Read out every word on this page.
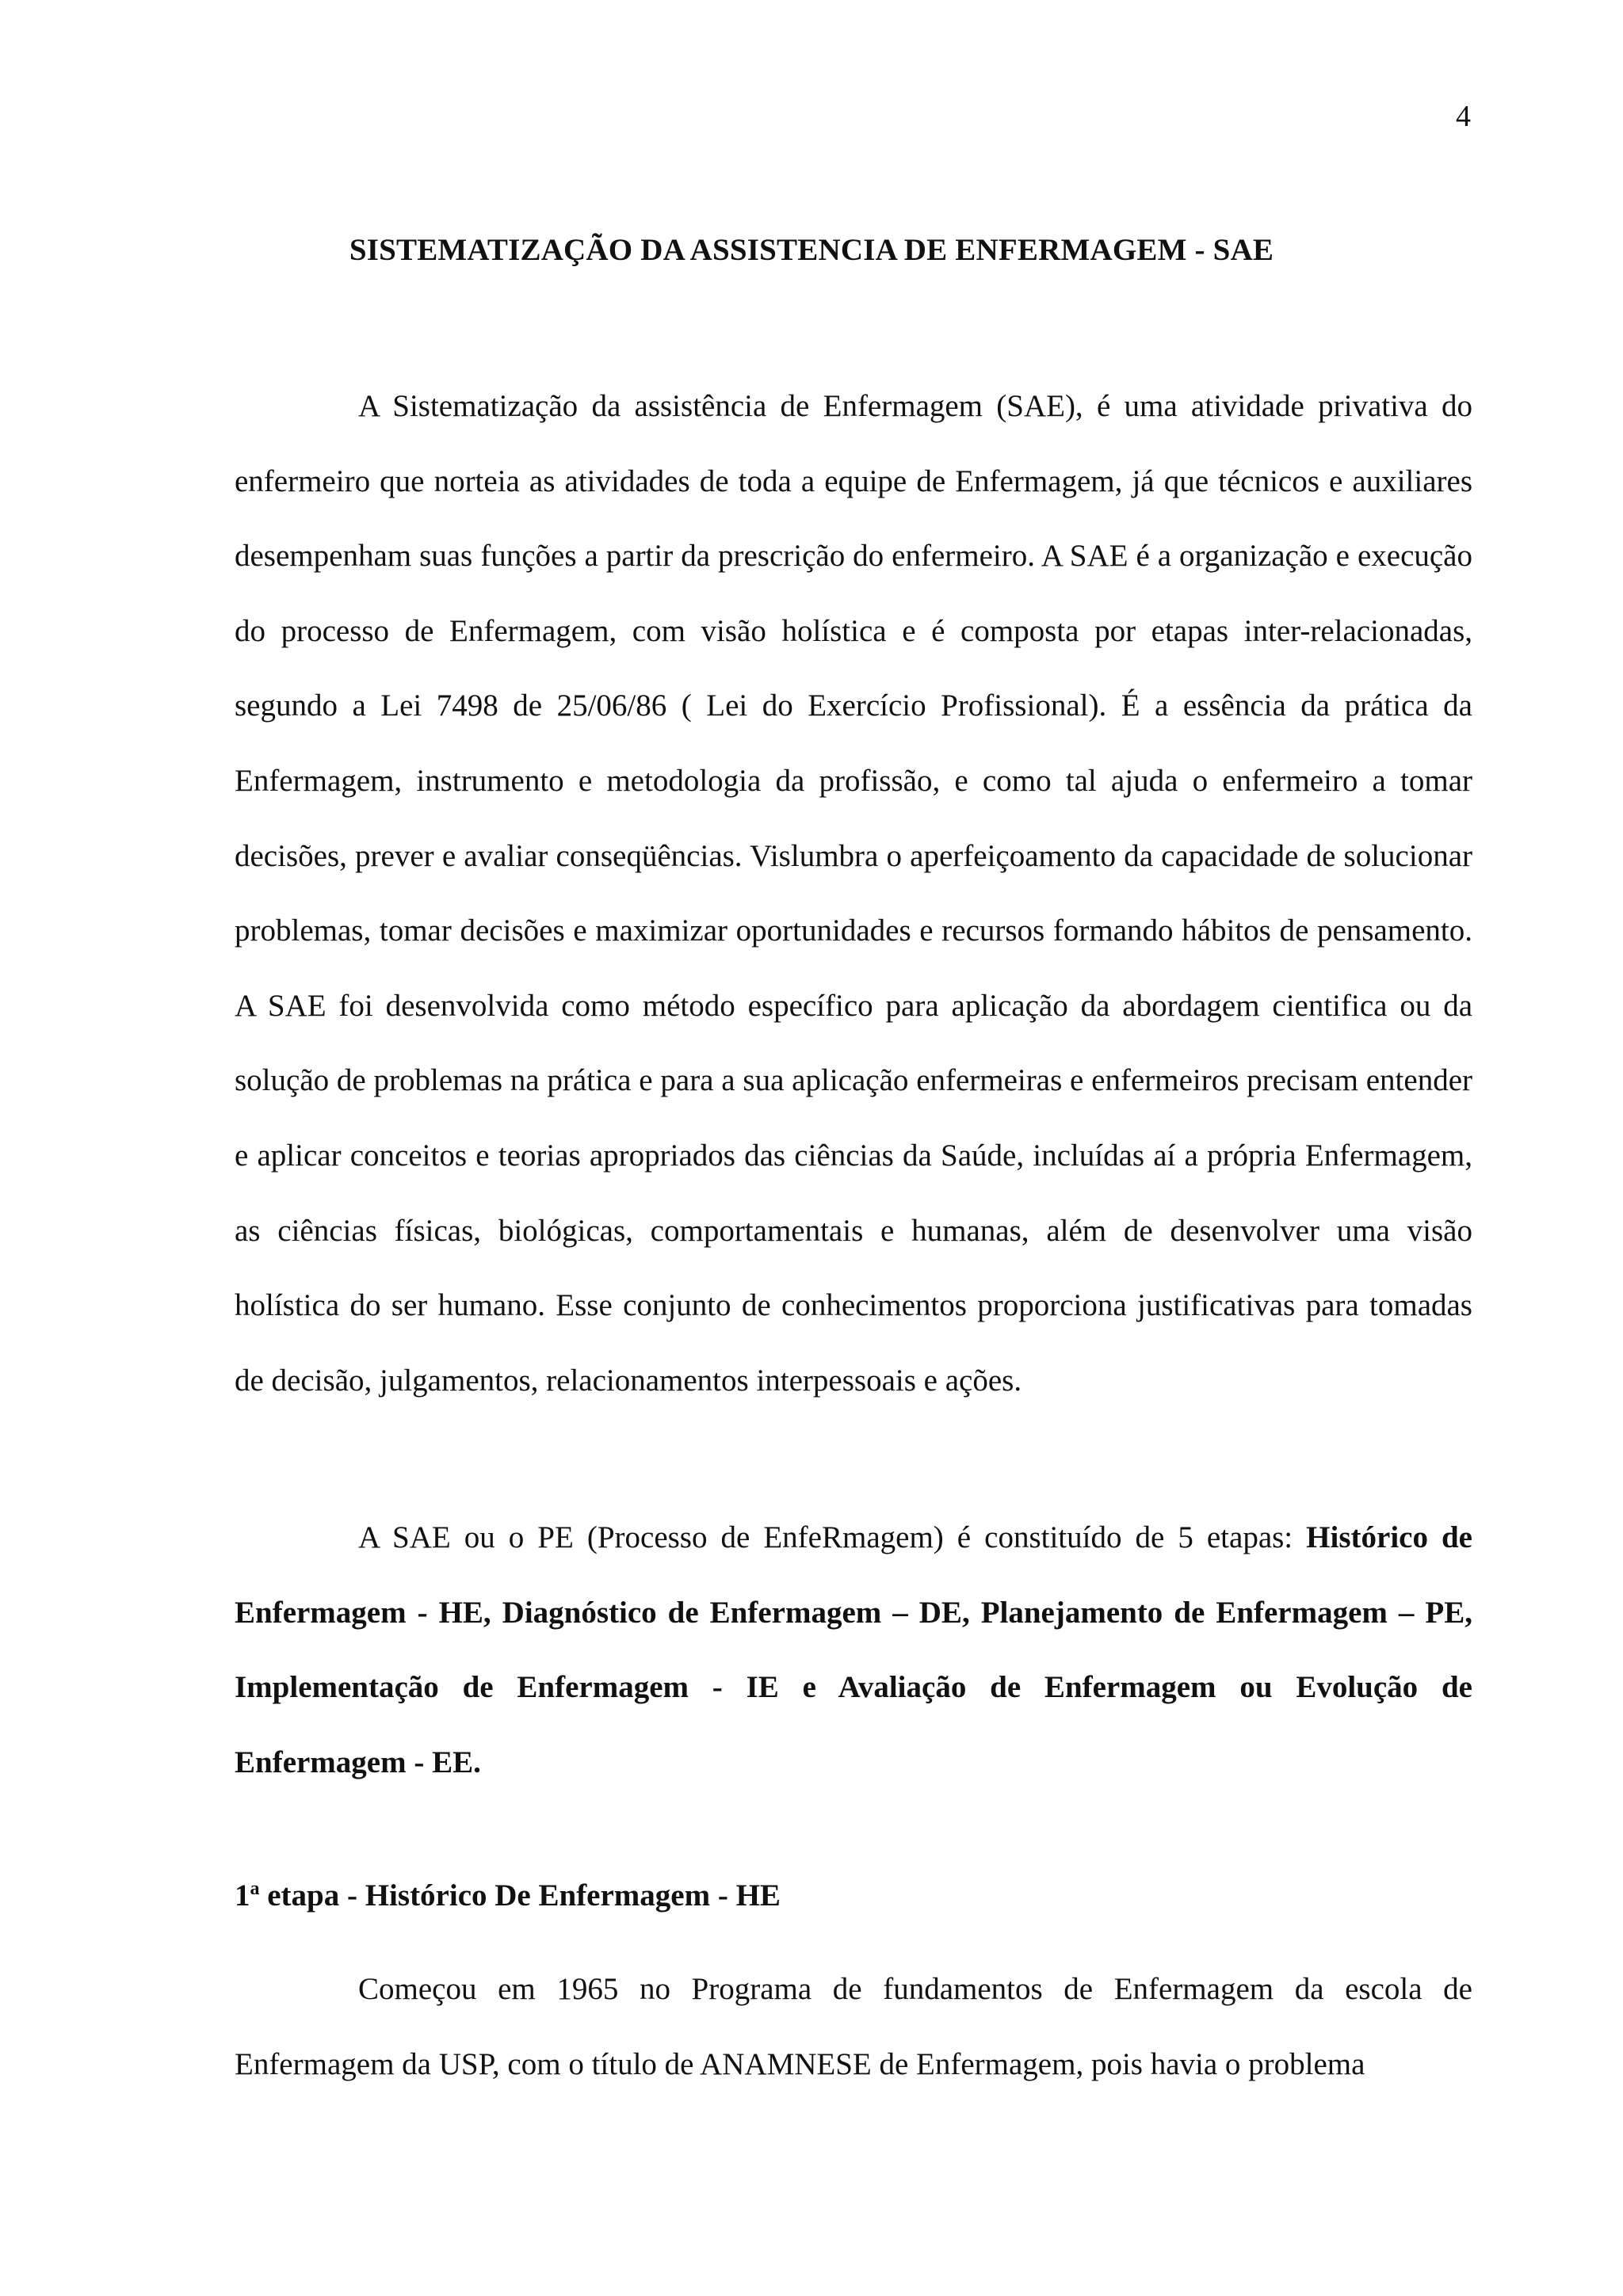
4
SISTEMATIZAÇÃO DA ASSISTENCIA DE ENFERMAGEM - SAE

A Sistematização da assistência de Enfermagem (SAE), é uma atividade privativa do enfermeiro que norteia as atividades de toda a equipe de Enfermagem, já que técnicos e auxiliares desempenham suas funções a partir da prescrição do enfermeiro. A SAE é a organização e execução do processo de Enfermagem, com visão holística e é composta por etapas inter-relacionadas, segundo a Lei 7498 de 25/06/86 ( Lei do Exercício Profissional). É a essência da prática da Enfermagem, instrumento e metodologia da profissão, e como tal ajuda o enfermeiro a tomar decisões, prever e avaliar conseqüências. Vislumbra o aperfeiçoamento da capacidade de solucionar problemas, tomar decisões e maximizar oportunidades e recursos formando hábitos de pensamento. A SAE foi desenvolvida como método específico para aplicação da abordagem cientifica ou da solução de problemas na prática e para a sua aplicação enfermeiras e enfermeiros precisam entender e aplicar conceitos e teorias apropriados das ciências da Saúde, incluídas aí a própria Enfermagem, as ciências físicas, biológicas, comportamentais e humanas, além de desenvolver uma visão holística do ser humano. Esse conjunto de conhecimentos proporciona justificativas para tomadas de decisão, julgamentos, relacionamentos interpessoais e ações.

A SAE ou o PE (Processo de EnfeRmagem) é constituído de 5 etapas: Histórico de Enfermagem - HE, Diagnóstico de Enfermagem – DE, Planejamento de Enfermagem – PE, Implementação de Enfermagem - IE e Avaliação de Enfermagem ou Evolução de Enfermagem - EE.

1$^a$ etapa - Histórico De Enfermagem - HE

Começou em 1965 no Programa de fundamentos de Enfermagem da escola de Enfermagem da USP, com o título de ANAMNESE de Enfermagem, pois havia o problema
